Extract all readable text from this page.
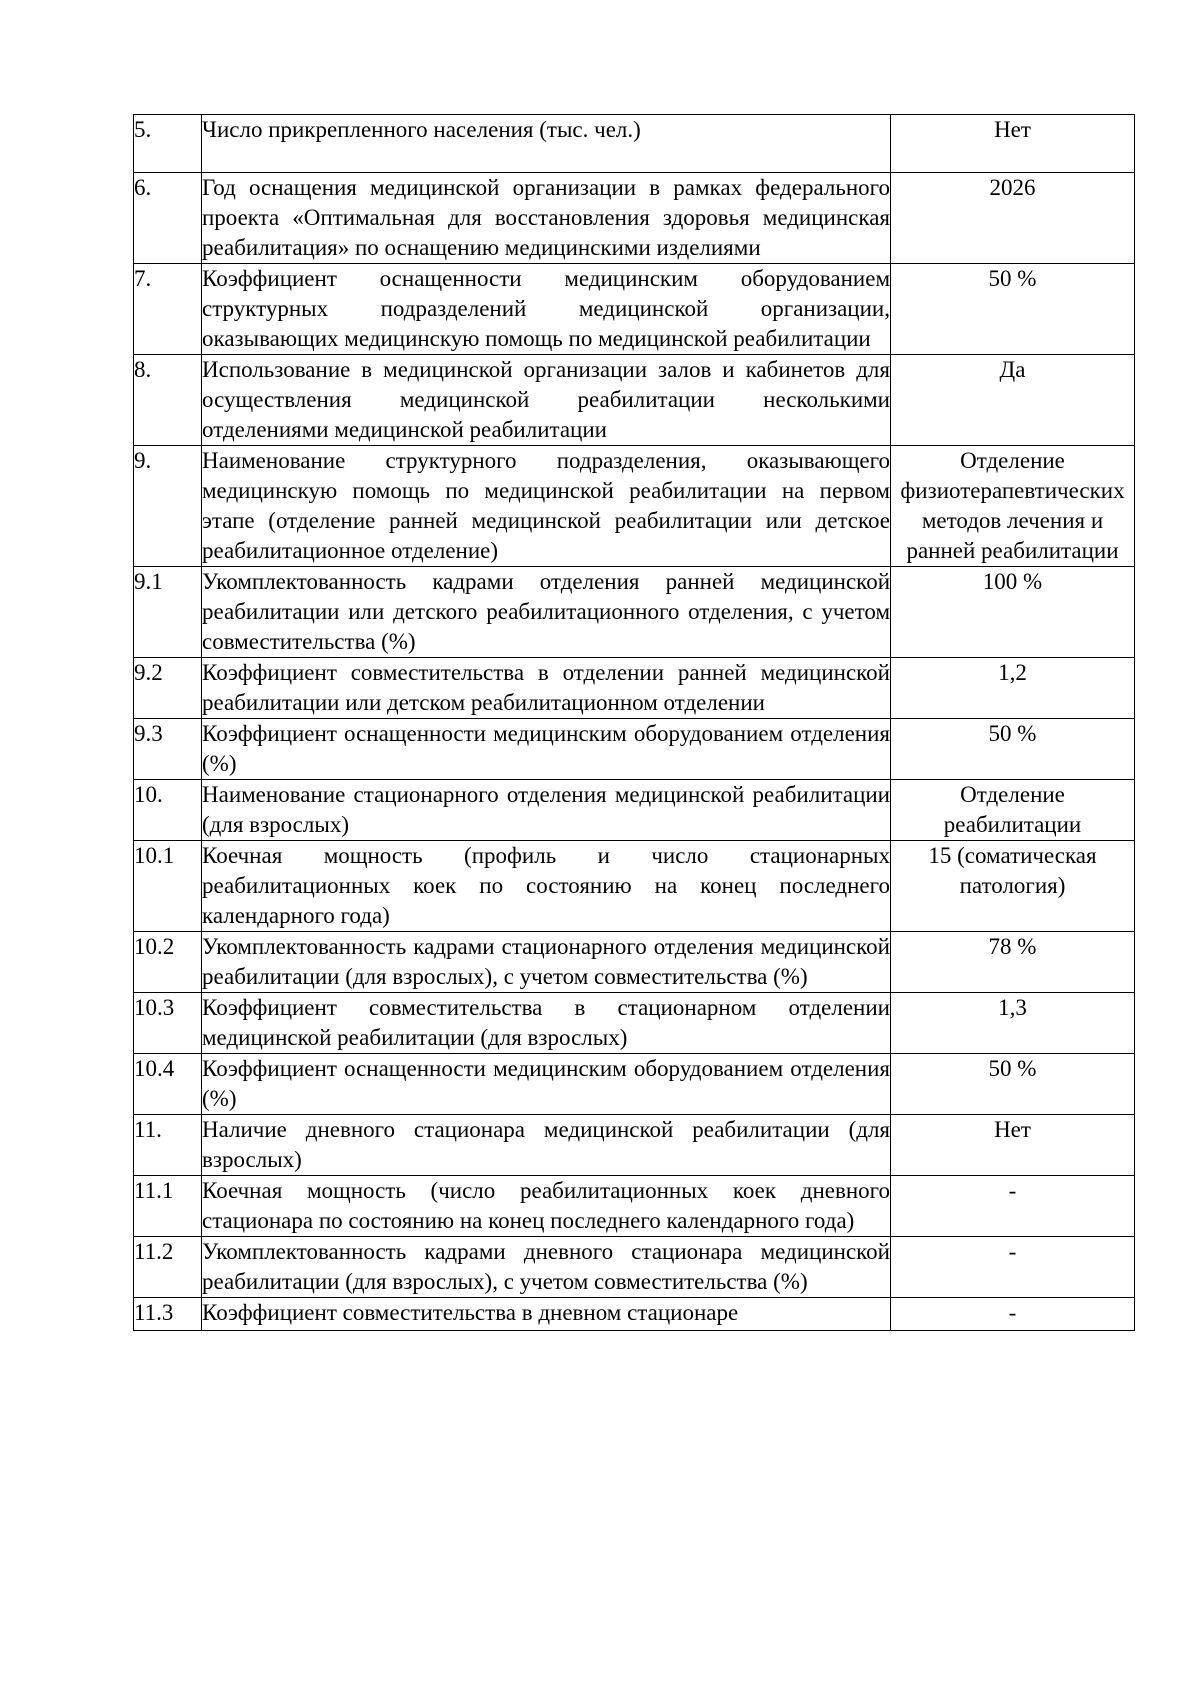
5.	Число прикрепленного населения (тыс. чел.)	Нет
6.	Год оснащения медицинской организации в рамках федерального проекта «Оптимальная для восстановления здоровья медицинская реабилитация» по оснащению медицинскими изделиями	2026
7.	Коэффициент оснащенности медицинским оборудованием структурных подразделений медицинской организации, оказывающих медицинскую помощь по медицинской реабилитации	50 %
8.	Использование в медицинской организации залов и кабинетов для осуществления медицинской реабилитации несколькими отделениями медицинской реабилитации	Да
9.	Наименование структурного подразделения, оказывающего медицинскую помощь по медицинской реабилитации на первом этапе (отделение ранней медицинской реабилитации или детское реабилитационное отделение)	Отделение физиотерапевтических методов лечения и ранней реабилитации
9.1	Укомплектованность кадрами отделения ранней медицинской реабилитации или детского реабилитационного отделения, с учетом совместительства (%)	100 %
9.2	Коэффициент совместительства в отделении ранней медицинской реабилитации или детском реабилитационном отделении	1,2
9.3	Коэффициент оснащенности медицинским оборудованием отделения (%)	50 %
10.	Наименование стационарного отделения медицинской реабилитации (для взрослых)	Отделение реабилитации
10.1	Коечная мощность (профиль и число стационарных реабилитационных коек по состоянию на конец последнего календарного года)	15 (соматическая патология)
10.2	Укомплектованность кадрами стационарного отделения медицинской реабилитации (для взрослых), с учетом совместительства (%)	78 %
10.3	Коэффициент совместительства в стационарном отделении медицинской реабилитации (для взрослых)	1,3
10.4	Коэффициент оснащенности медицинским оборудованием отделения (%)	50 %
11.	Наличие дневного стационара медицинской реабилитации (для взрослых)	Нет
11.1	Коечная мощность (число реабилитационных коек дневного стационара по состоянию на конец последнего календарного года)	-
11.2	Укомплектованность кадрами дневного стационара медицинской реабилитации (для взрослых), с учетом совместительства (%)	-
11.3	Коэффициент совместительства в дневном стационаре	-
